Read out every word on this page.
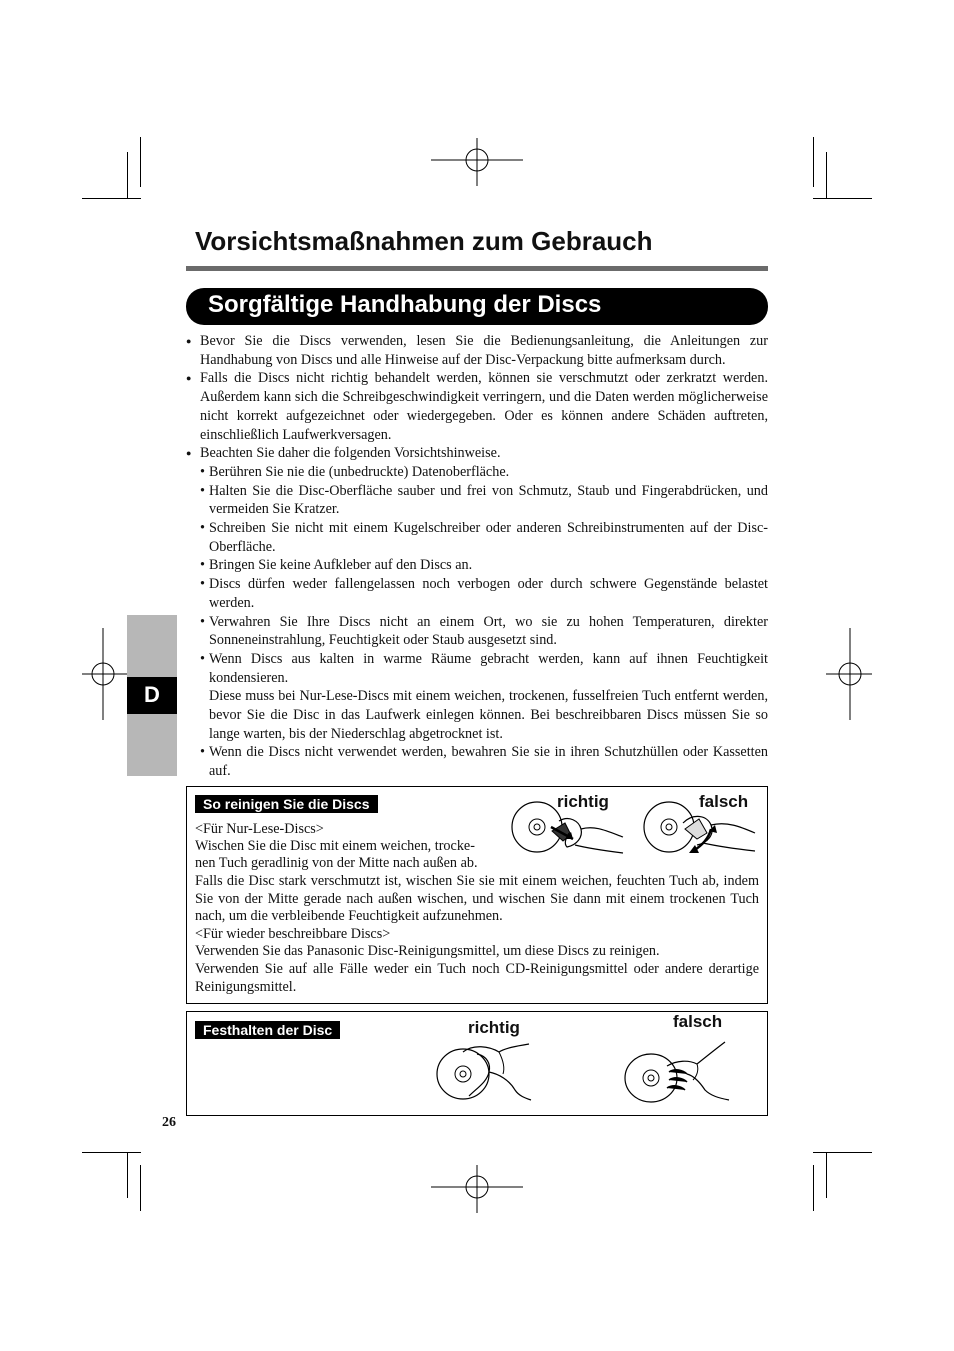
Vorsichtsmaßnahmen zum Gebrauch
Sorgfältige Handhabung der Discs
D
● Bevor Sie die Discs verwenden, lesen Sie die Bedienungsanleitung, die Anleitungen zur Handhabung von Discs und alle Hinweise auf der Disc-Verpackung bitte aufmerksam durch.
● Falls die Discs nicht richtig behandelt werden, können sie verschmutzt oder zerkratzt werden. Außerdem kann sich die Schreibgeschwindigkeit verringern, und die Daten werden möglicherweise nicht korrekt aufgezeichnet oder wiedergegeben. Oder es können andere Schäden auftreten, einschließlich Laufwerkversagen.
● Beachten Sie daher die folgenden Vorsichtshinweise.
• Berühren Sie nie die (unbedruckte) Datenoberfläche.
• Halten Sie die Disc-Oberfläche sauber und frei von Schmutz, Staub und Fingerabdrücken, und vermeiden Sie Kratzer.
• Schreiben Sie nicht mit einem Kugelschreiber oder anderen Schreibinstrumenten auf der Disc-Oberfläche.
• Bringen Sie keine Aufkleber auf den Discs an.
• Discs dürfen weder fallengelassen noch verbogen oder durch schwere Gegenstände belastet werden.
• Verwahren Sie Ihre Discs nicht an einem Ort, wo sie zu hohen Temperaturen, direkter Sonneneinstrahlung, Feuchtigkeit oder Staub ausgesetzt sind.
• Wenn Discs aus kalten in warme Räume gebracht werden, kann auf ihnen Feuchtigkeit kondensieren.
Diese muss bei Nur-Lese-Discs mit einem weichen, trockenen, fusselfreien Tuch entfernt werden, bevor Sie die Disc in das Laufwerk einlegen können. Bei beschreibbaren Discs müssen Sie so lange warten, bis der Niederschlag abgetrocknet ist.
• Wenn die Discs nicht verwendet werden, bewahren Sie sie in ihren Schutzhüllen oder Kassetten auf.
So reinigen Sie die Discs	richtig	falsch
<Für Nur-Lese-Discs>
Wischen Sie die Disc mit einem weichen, trocke-
nen Tuch geradlinig von der Mitte nach außen ab.
Falls die Disc stark verschmutzt ist, wischen Sie sie mit einem weichen, feuchten Tuch ab, indem Sie von der Mitte gerade nach außen wischen, und wischen Sie dann mit einem trockenen Tuch nach, um die verbleibende Feuchtigkeit aufzunehmen.
<Für wieder beschreibbare Discs>
Verwenden Sie das Panasonic Disc-Reinigungsmittel, um diese Discs zu reinigen.
Verwenden Sie auf alle Fälle weder ein Tuch noch CD-Reinigungsmittel oder andere derartige Reinigungsmittel.
Festhalten der Disc	richtig	falsch
26
